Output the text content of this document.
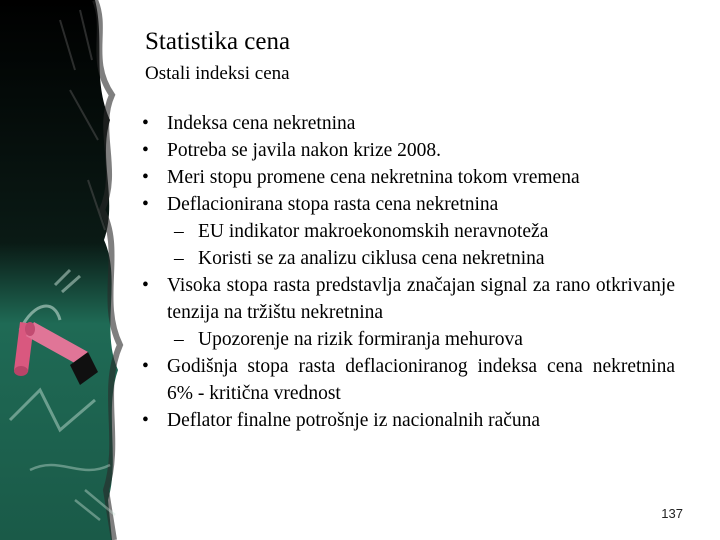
Statistika cena
Ostali indeksi cena
• Indeksa cena nekretnina
• Potreba se javila nakon krize 2008.
• Meri stopu promene cena nekretnina tokom vremena
• Deflacionirana stopa rasta cena nekretnina
– EU indikator makroekonomskih neravnoteža
– Koristi se za analizu ciklusa cena nekretnina
• Visoka stopa rasta predstavlja značajan signal za rano otkrivanje tenzija na tržištu nekretnina
– Upozorenje na rizik formiranja mehurova
• Godišnja stopa rasta deflacioniranog indeksa cena nekretnina 6% - kritična vrednost
• Deflator finalne potrošnje iz nacionalnih računa
137
